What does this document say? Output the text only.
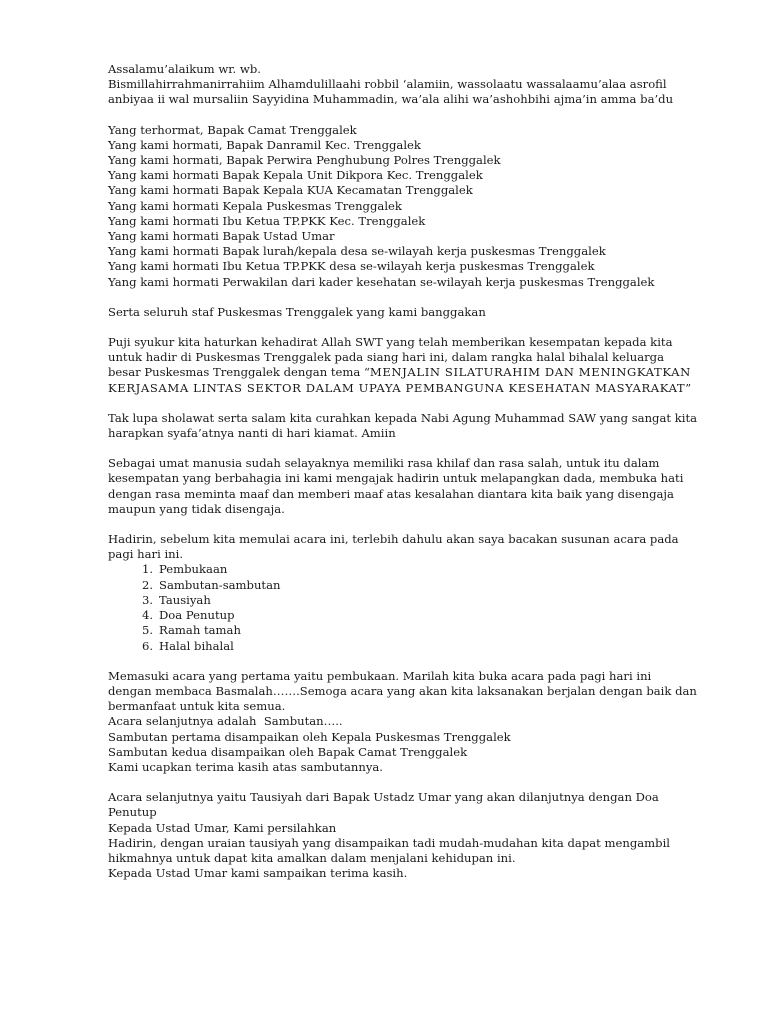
Assalamu’alaikum wr. wb.

Bismillahirrahmanirrahiim Alhamdulillaahi robbil ‘alamiin, wassolaatu wassalaamu’alaa asrofil anbiyaa ii wal mursaliin Sayyidina Muhammadin, wa’ala alihi wa’ashohbihi ajma’in amma ba’du

Yang terhormat, Bapak Camat Trenggalek

Yang kami hormati, Bapak Danramil Kec. Trenggalek

Yang kami hormati, Bapak Perwira Penghubung Polres Trenggalek

Yang kami hormati Bapak Kepala Unit Dikpora Kec. Trenggalek

Yang kami hormati Bapak Kepala KUA Kecamatan Trenggalek

Yang kami hormati Kepala Puskesmas Trenggalek

Yang kami hormati Ibu Ketua TP.PKK Kec. Trenggalek

Yang kami hormati Bapak Ustad Umar

Yang kami hormati Bapak lurah/kepala desa se-wilayah kerja puskesmas Trenggalek

Yang kami hormati Ibu Ketua TP.PKK desa se-wilayah kerja puskesmas Trenggalek

Yang kami hormati Perwakilan dari kader kesehatan se-wilayah kerja puskesmas Trenggalek

Serta seluruh staf Puskesmas Trenggalek yang kami banggakan

Puji syukur kita haturkan kehadirat Allah SWT yang telah memberikan kesempatan kepada kita untuk hadir di Puskesmas Trenggalek pada siang hari ini, dalam rangka halal bihalal keluarga besar Puskesmas Trenggalek dengan tema “MENJALIN SILATURAHIM DAN MENINGKATKAN KERJASAMA LINTAS SEKTOR DALAM UPAYA PEMBANGUNA KESEHATAN MASYARAKAT”

Tak lupa sholawat serta salam kita curahkan kepada Nabi Agung Muhammad SAW yang sangat kita harapkan syafa’atnya nanti di hari kiamat. Amiin

Sebagai umat manusia sudah selayaknya memiliki rasa khilaf dan rasa salah, untuk itu dalam kesempatan yang berbahagia ini kami mengajak hadirin untuk melapangkan dada, membuka hati dengan rasa meminta maaf dan memberi maaf atas kesalahan diantara kita baik yang disengaja maupun yang tidak disengaja.

Hadirin, sebelum kita memulai acara ini, terlebih dahulu akan saya bacakan susunan acara pada pagi hari ini.

1. Pembukaan
2. Sambutan-sambutan
3. Tausiyah
4. Doa Penutup
5. Ramah tamah
6. Halal bihalal

Memasuki acara yang pertama yaitu pembukaan. Marilah kita buka acara pada pagi hari ini dengan membaca Basmalah…….Semoga acara yang akan kita laksanakan berjalan dengan baik dan bermanfaat untuk kita semua.

Acara selanjutnya adalah  Sambutan…..

Sambutan pertama disampaikan oleh Kepala Puskesmas Trenggalek

Sambutan kedua disampaikan oleh Bapak Camat Trenggalek

Kami ucapkan terima kasih atas sambutannya.

Acara selanjutnya yaitu Tausiyah dari Bapak Ustadz Umar yang akan dilanjutnya dengan Doa Penutup

Kepada Ustad Umar, Kami persilahkan

Hadirin, dengan uraian tausiyah yang disampaikan tadi mudah-mudahan kita dapat mengambil hikmahnya untuk dapat kita amalkan dalam menjalani kehidupan ini.

Kepada Ustad Umar kami sampaikan terima kasih.
